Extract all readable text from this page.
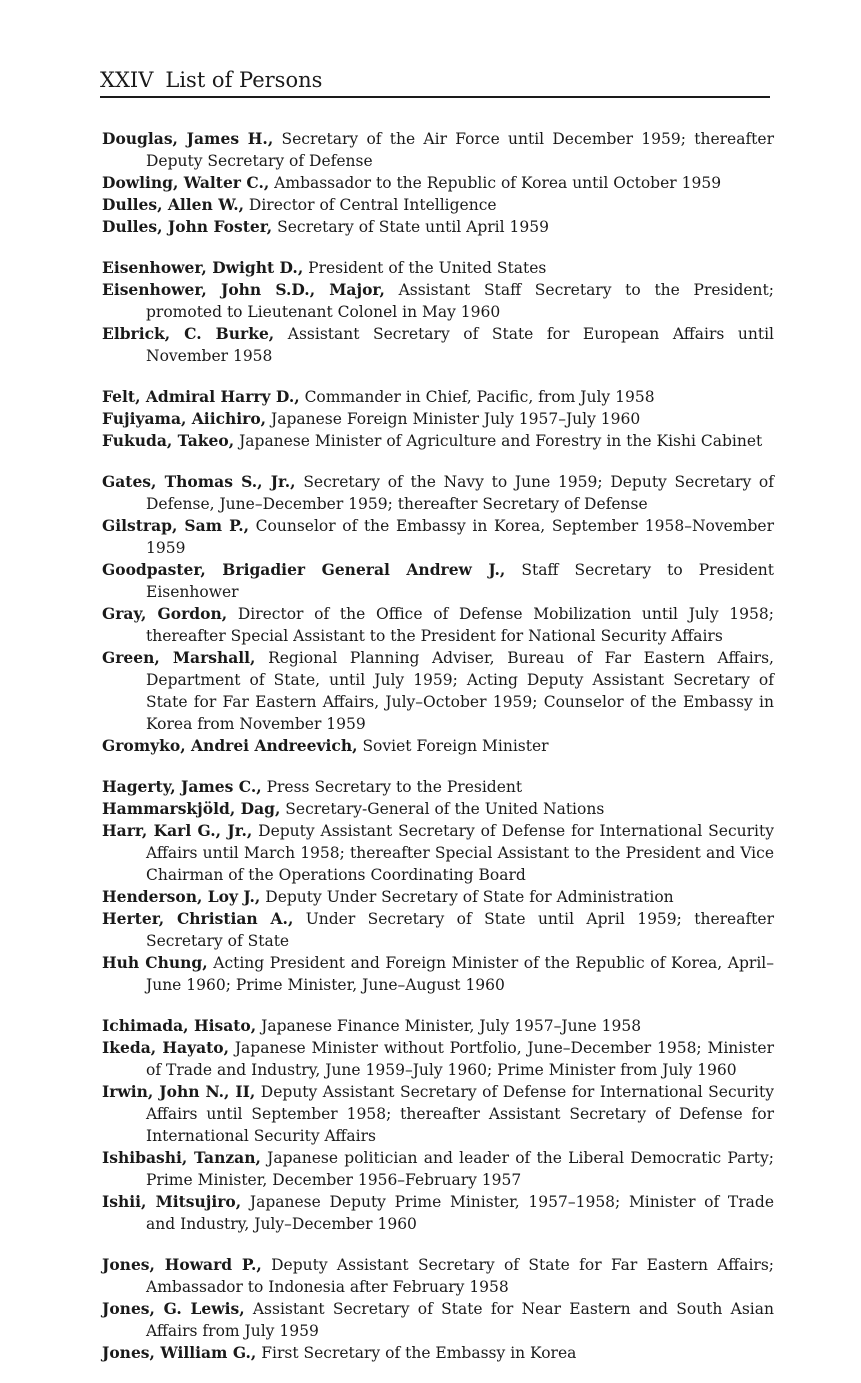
XXIV List of Persons
Douglas, James H., Secretary of the Air Force until December 1959; thereafter Deputy Secretary of Defense
Dowling, Walter C., Ambassador to the Republic of Korea until October 1959
Dulles, Allen W., Director of Central Intelligence
Dulles, John Foster, Secretary of State until April 1959
Eisenhower, Dwight D., President of the United States
Eisenhower, John S.D., Major, Assistant Staff Secretary to the President; promoted to Lieutenant Colonel in May 1960
Elbrick, C. Burke, Assistant Secretary of State for European Affairs until November 1958
Felt, Admiral Harry D., Commander in Chief, Pacific, from July 1958
Fujiyama, Aiichiro, Japanese Foreign Minister July 1957–July 1960
Fukuda, Takeo, Japanese Minister of Agriculture and Forestry in the Kishi Cabinet
Gates, Thomas S., Jr., Secretary of the Navy to June 1959; Deputy Secretary of Defense, June–December 1959; thereafter Secretary of Defense
Gilstrap, Sam P., Counselor of the Embassy in Korea, September 1958–November 1959
Goodpaster, Brigadier General Andrew J., Staff Secretary to President Eisenhower
Gray, Gordon, Director of the Office of Defense Mobilization until July 1958; thereafter Special Assistant to the President for National Security Affairs
Green, Marshall, Regional Planning Adviser, Bureau of Far Eastern Affairs, Department of State, until July 1959; Acting Deputy Assistant Secretary of State for Far Eastern Affairs, July–October 1959; Counselor of the Embassy in Korea from November 1959
Gromyko, Andrei Andreevich, Soviet Foreign Minister
Hagerty, James C., Press Secretary to the President
Hammarskjöld, Dag, Secretary-General of the United Nations
Harr, Karl G., Jr., Deputy Assistant Secretary of Defense for International Security Affairs until March 1958; thereafter Special Assistant to the President and Vice Chairman of the Operations Coordinating Board
Henderson, Loy J., Deputy Under Secretary of State for Administration
Herter, Christian A., Under Secretary of State until April 1959; thereafter Secretary of State
Huh Chung, Acting President and Foreign Minister of the Republic of Korea, April–June 1960; Prime Minister, June–August 1960
Ichimada, Hisato, Japanese Finance Minister, July 1957–June 1958
Ikeda, Hayato, Japanese Minister without Portfolio, June–December 1958; Minister of Trade and Industry, June 1959–July 1960; Prime Minister from July 1960
Irwin, John N., II, Deputy Assistant Secretary of Defense for International Security Affairs until September 1958; thereafter Assistant Secretary of Defense for International Security Affairs
Ishibashi, Tanzan, Japanese politician and leader of the Liberal Democratic Party; Prime Minister, December 1956–February 1957
Ishii, Mitsujiro, Japanese Deputy Prime Minister, 1957–1958; Minister of Trade and Industry, July–December 1960
Jones, Howard P., Deputy Assistant Secretary of State for Far Eastern Affairs; Ambassador to Indonesia after February 1958
Jones, G. Lewis, Assistant Secretary of State for Near Eastern and South Asian Affairs from July 1959
Jones, William G., First Secretary of the Embassy in Korea
